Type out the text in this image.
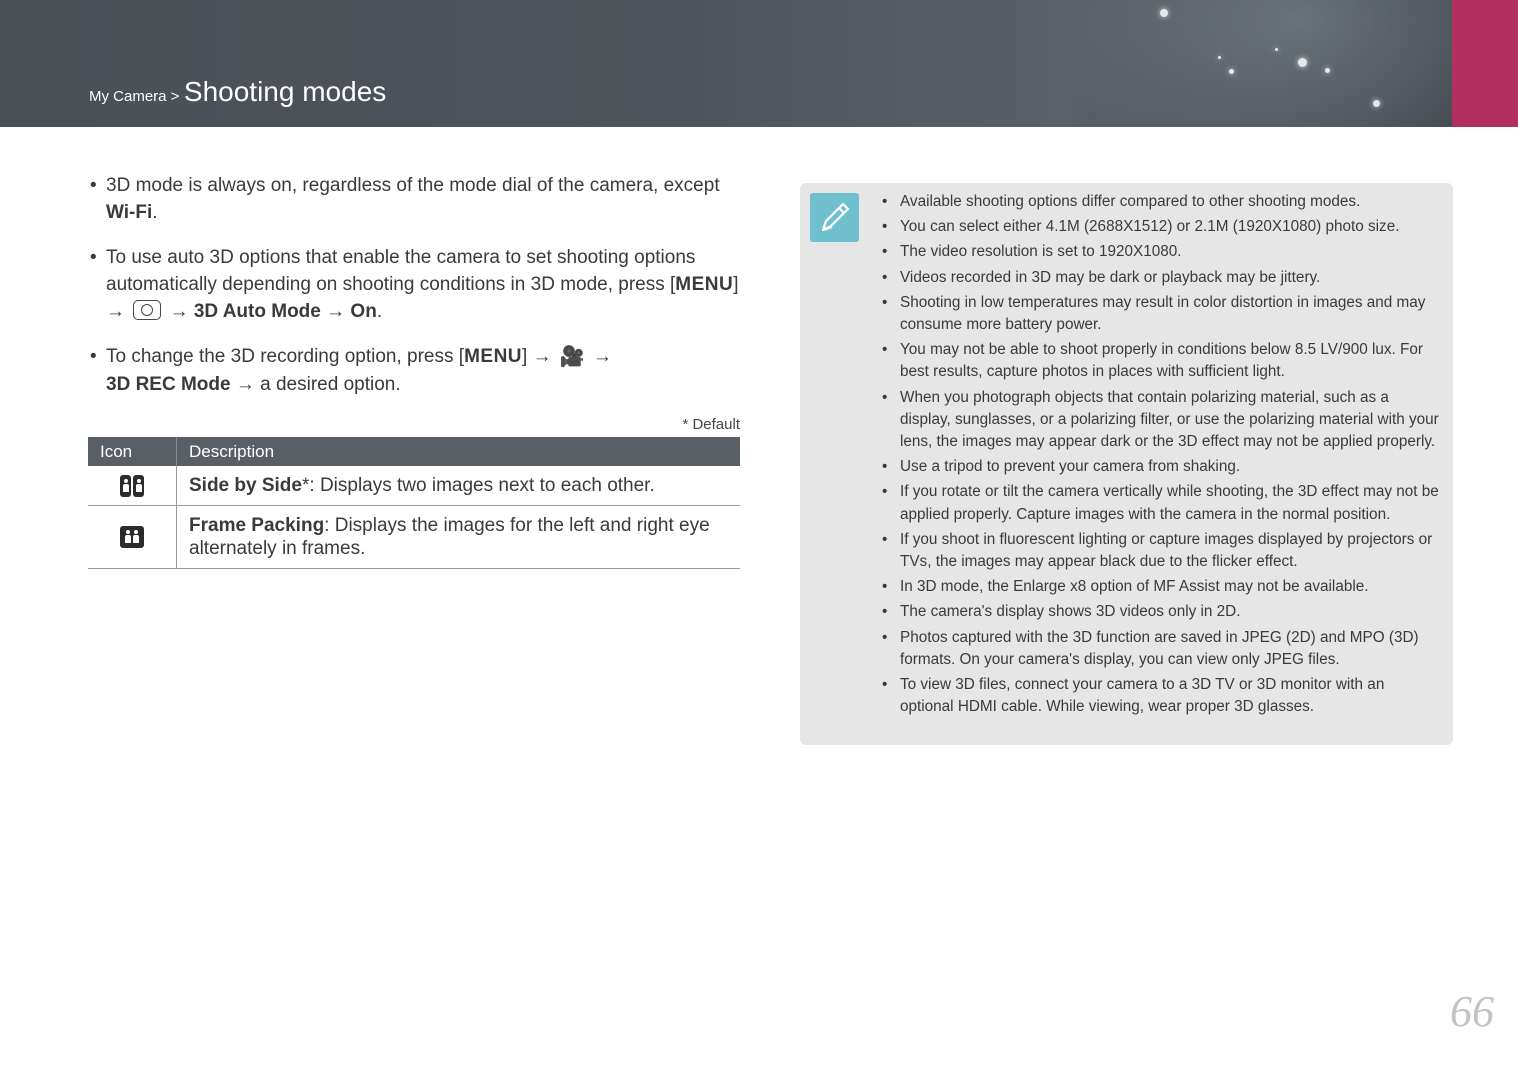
My Camera > Shooting modes
• 3D mode is always on, regardless of the mode dial of the camera, except
Wi-Fi.
• To use auto 3D options that enable the camera to set shooting options automatically depending on shooting conditions in 3D mode, press [MENU] → → 3D Auto Mode → On.
• To change the 3D recording option, press [MENU] → 🎥 →
3D REC Mode → a desired option.
* Default
Icon	Description

	Side by Side*: Displays two images next to each other.

	Frame Packing: Displays the images for the left and right eye alternately in frames.
• Available shooting options differ compared to other shooting modes.
• You can select either 4.1M (2688X1512) or 2.1M (1920X1080) photo size.
• The video resolution is set to 1920X1080.
• Videos recorded in 3D may be dark or playback may be jittery.
• Shooting in low temperatures may result in color distortion in images and may consume more battery power.
• You may not be able to shoot properly in conditions below 8.5 LV/900 lux. For best results, capture photos in places with sufficient light.
• When you photograph objects that contain polarizing material, such as a display, sunglasses, or a polarizing filter, or use the polarizing material with your lens, the images may appear dark or the 3D effect may not be applied properly.
• Use a tripod to prevent your camera from shaking.
• If you rotate or tilt the camera vertically while shooting, the 3D effect may not be applied properly. Capture images with the camera in the normal position.
• If you shoot in fluorescent lighting or capture images displayed by projectors or TVs, the images may appear black due to the flicker effect.
• In 3D mode, the Enlarge x8 option of MF Assist may not be available.
• The camera's display shows 3D videos only in 2D.
• Photos captured with the 3D function are saved in JPEG (2D) and MPO (3D) formats. On your camera's display, you can view only JPEG files.
• To view 3D files, connect your camera to a 3D TV or 3D monitor with an optional HDMI cable. While viewing, wear proper 3D glasses.
66
